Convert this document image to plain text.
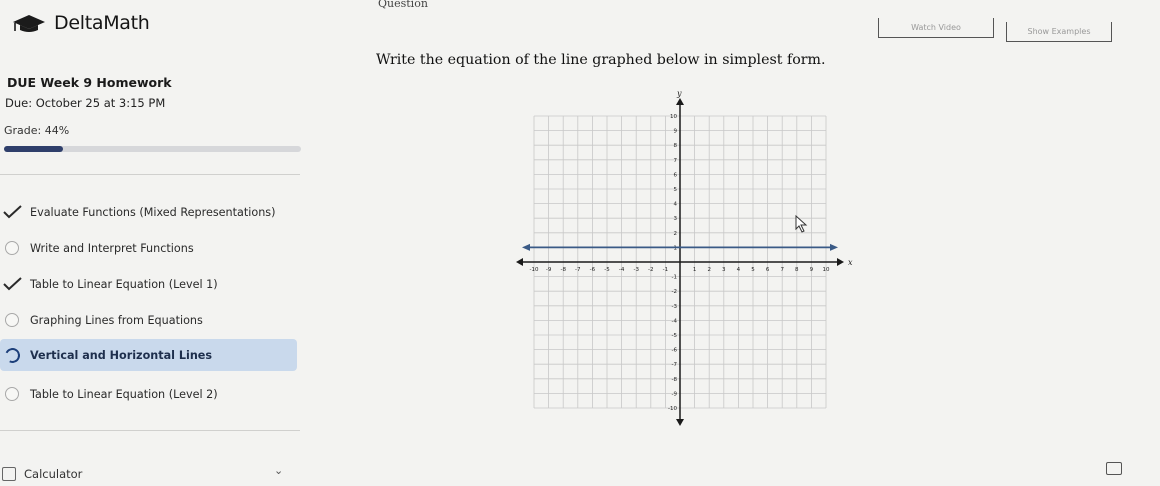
DeltaMath
DUE Week 9 Homework
Due: October 25 at 3:15 PM
Grade: 44%
Evaluate Functions (Mixed Representations)
Write and Interpret Functions
Table to Linear Equation (Level 1)
Graphing Lines from Equations
Vertical and Horizontal Lines
Table to Linear Equation (Level 2)
Calculator	⌄
Question
Watch Video	Show Examples
Write the equation of the line graphed below in simplest form.
x
y
-10 -9 -8 -7 -6 -5 -4 -3 -2 -1	1 2 3 4 5 6 7 8 9 10
10
9
8
7
6
5
4
3
2
1
-1
-2
-3
-4
-5
-6
-7
-8
-9
-10
